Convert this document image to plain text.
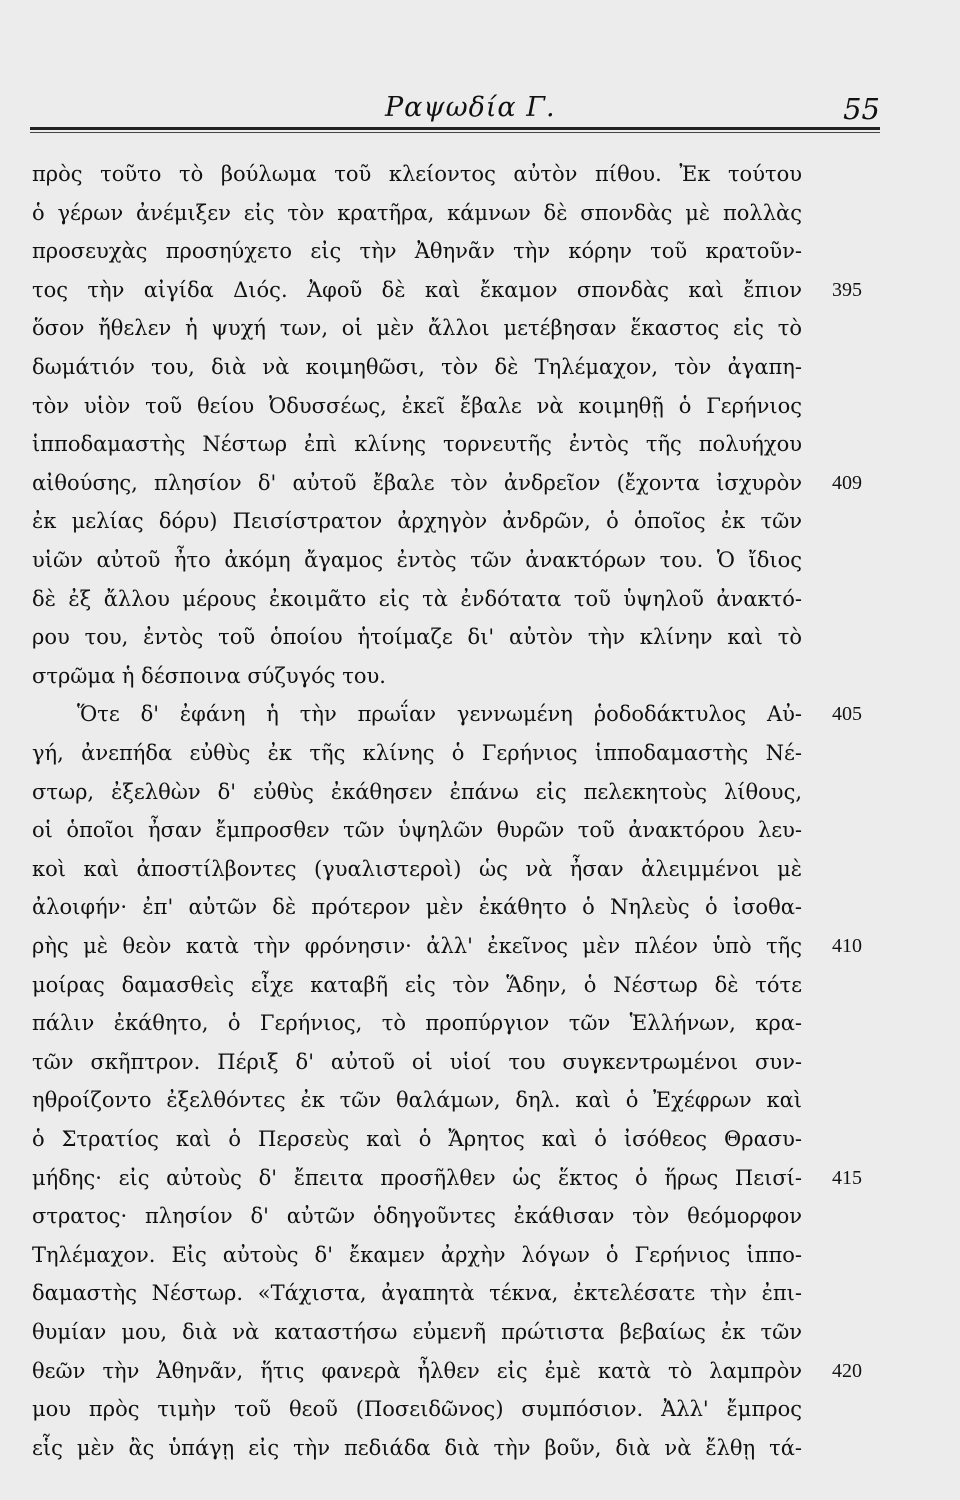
Ραψωδία Γ.	55
πρὸς τοῦτο τὸ βούλωμα τοῦ κλείοντος αὐτὸν πίθου. Ἐκ τούτου
ὁ γέρων ἀνέμιξεν εἰς τὸν κρατῆρα, κάμνων δὲ σπονδὰς μὲ πολλὰς
προσευχὰς προσηύχετο εἰς τὴν Ἀθηνᾶν τὴν κόρην τοῦ κρατοῦν-
τος τὴν αἰγίδα Διός. Ἀφοῦ δὲ καὶ ἔκαμον σπονδὰς καὶ ἔπιον
ὅσον ἤθελεν ἡ ψυχή των, οἱ μὲν ἄλλοι μετέβησαν ἕκαστος εἰς τὸ
δωμάτιόν του, διὰ νὰ κοιμηθῶσι, τὸν δὲ Τηλέμαχον, τὸν ἀγαπη-
τὸν υἱὸν τοῦ θείου Ὀδυσσέως, ἐκεῖ ἔβαλε νὰ κοιμηθῇ ὁ Γερήνιος
ἱπποδαμαστὴς Νέστωρ ἐπὶ κλίνης τορνευτῆς ἐντὸς τῆς πολυήχου
αἰθούσης, πλησίον δ' αὐτοῦ ἔβαλε τὸν ἀνδρεῖον (ἔχοντα ἰσχυρὸν
ἐκ μελίας δόρυ) Πεισίστρατον ἀρχηγὸν ἀνδρῶν, ὁ ὁποῖος ἐκ τῶν
υἱῶν αὐτοῦ ἦτο ἀκόμη ἄγαμος ἐντὸς τῶν ἀνακτόρων του. Ὁ ἴδιος
δὲ ἐξ ἄλλου μέρους ἐκοιμᾶτο εἰς τὰ ἐνδότατα τοῦ ὑψηλοῦ ἀνακτό-
ρου του, ἐντὸς τοῦ ὁποίου ἡτοίμαζε δι' αὐτὸν τὴν κλίνην καὶ τὸ
στρῶμα ἡ δέσποινα σύζυγός του.
Ὅτε δ' ἐφάνη ἡ τὴν πρωΐαν γεννωμένη ῥοδοδάκτυλος Αὐ-
γή, ἀνεπήδα εὐθὺς ἐκ τῆς κλίνης ὁ Γερήνιος ἱπποδαμαστὴς Νέ-
στωρ, ἐξελθὼν δ' εὐθὺς ἐκάθησεν ἐπάνω εἰς πελεκητοὺς λίθους,
οἱ ὁποῖοι ἦσαν ἔμπροσθεν τῶν ὑψηλῶν θυρῶν τοῦ ἀνακτόρου λευ-
κοὶ καὶ ἀποστίλβοντες (γυαλιστεροὶ) ὡς νὰ ἦσαν ἀλειμμένοι μὲ
ἀλοιφήν· ἐπ' αὐτῶν δὲ πρότερον μὲν ἐκάθητο ὁ Νηλεὺς ὁ ἰσοθα-
ρὴς μὲ θεὸν κατὰ τὴν φρόνησιν· ἀλλ' ἐκεῖνος μὲν πλέον ὑπὸ τῆς
μοίρας δαμασθεὶς εἶχε καταβῆ εἰς τὸν Ἅδην, ὁ Νέστωρ δὲ τότε
πάλιν ἐκάθητο, ὁ Γερήνιος, τὸ προπύργιον τῶν Ἑλλήνων, κρα-
τῶν σκῆπτρον. Πέριξ δ' αὐτοῦ οἱ υἱοί του συγκεντρωμένοι συν-
ηθροίζοντο ἐξελθόντες ἐκ τῶν θαλάμων, δηλ. καὶ ὁ Ἐχέφρων καὶ
ὁ Στρατίος καὶ ὁ Περσεὺς καὶ ὁ Ἄρητος καὶ ὁ ἰσόθεος Θρασυ-
μήδης· εἰς αὐτοὺς δ' ἔπειτα προσῆλθεν ὡς ἕκτος ὁ ἥρως Πεισί-
στρατος· πλησίον δ' αὐτῶν ὁδηγοῦντες ἐκάθισαν τὸν θεόμορφον
Τηλέμαχον. Εἰς αὐτοὺς δ' ἔκαμεν ἀρχὴν λόγων ὁ Γερήνιος ἱππο-
δαμαστὴς Νέστωρ. «Τάχιστα, ἀγαπητὰ τέκνα, ἐκτελέσατε τὴν ἐπι-
θυμίαν μου, διὰ νὰ καταστήσω εὐμενῆ πρώτιστα βεβαίως ἐκ τῶν
θεῶν τὴν Ἀθηνᾶν, ἥτις φανερὰ ἦλθεν εἰς ἐμὲ κατὰ τὸ λαμπρὸν
μου πρὸς τιμὴν τοῦ θεοῦ (Ποσειδῶνος) συμπόσιον. Ἀλλ' ἔμπρος
εἷς μὲν ἂς ὑπάγῃ εἰς τὴν πεδιάδα διὰ τὴν βοῦν, διὰ νὰ ἔλθῃ τά-
395
409
405
410
415
420
